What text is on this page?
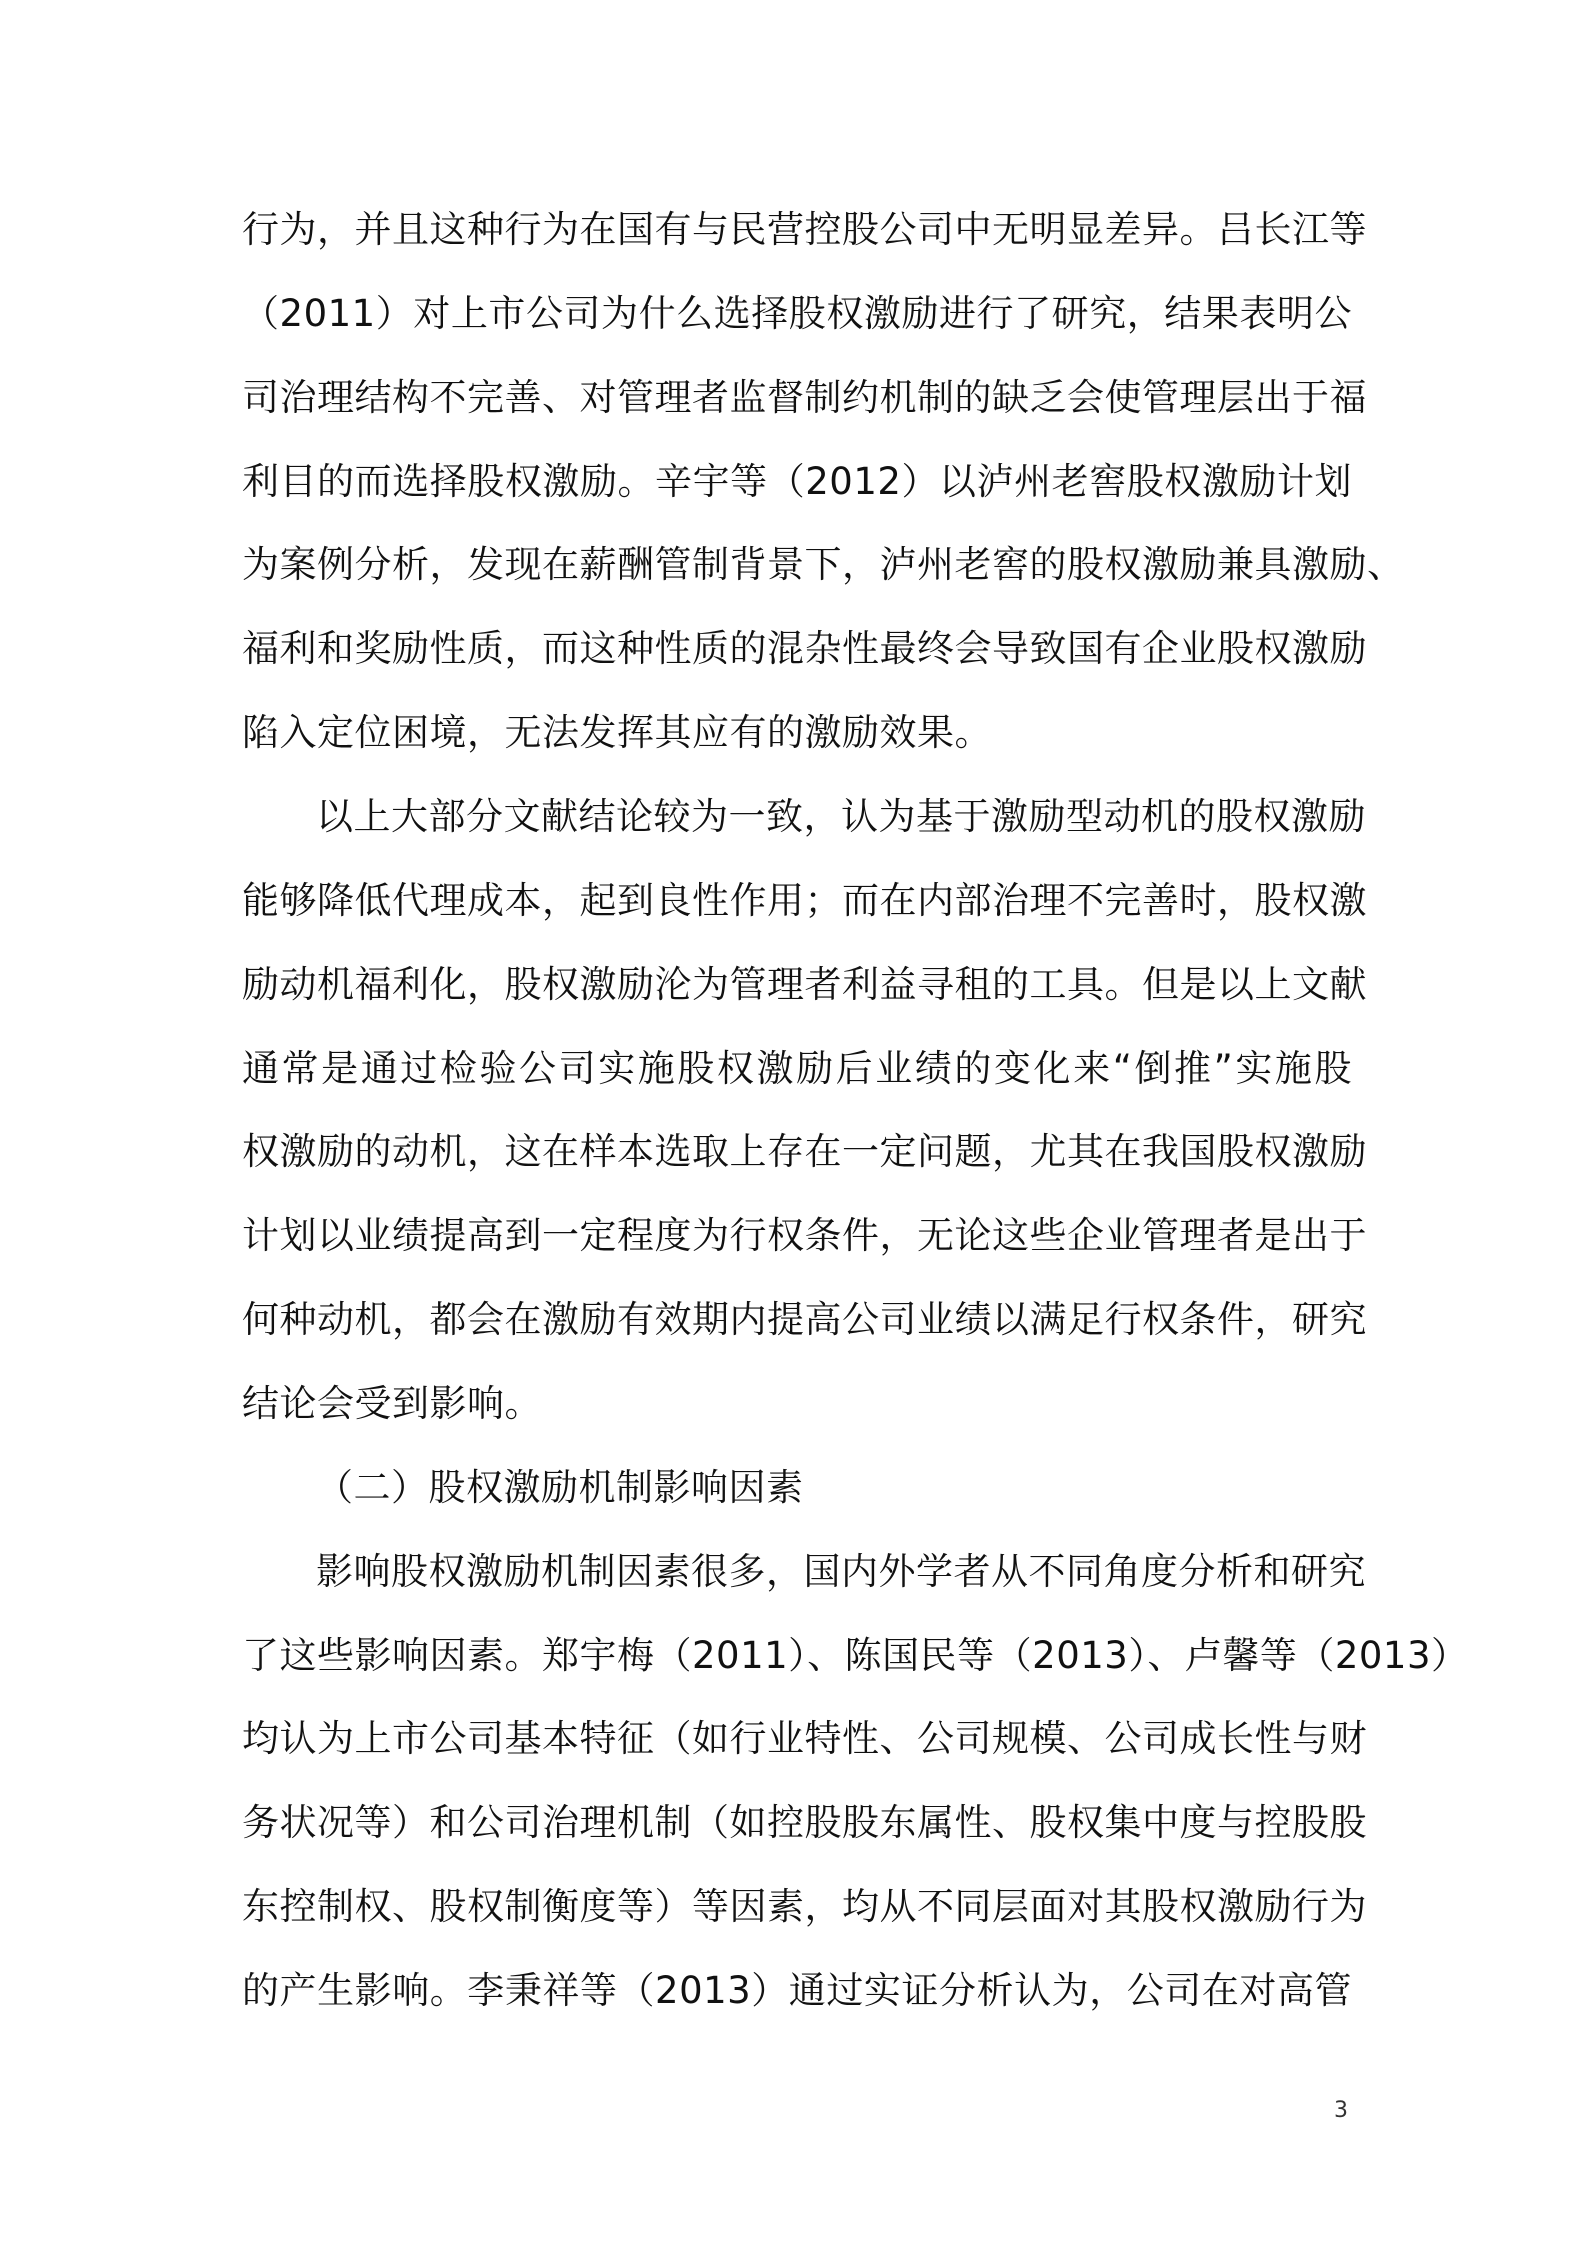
行为，并且这种行为在国有与民营控股公司中无明显差异。吕长江等
（2011）对上市公司为什么选择股权激励进行了研究，结果表明公
司治理结构不完善、对管理者监督制约机制的缺乏会使管理层出于福
利目的而选择股权激励。辛宇等（2012）以泸州老窖股权激励计划
为案例分析，发现在薪酬管制背景下，泸州老窖的股权激励兼具激励、
福利和奖励性质，而这种性质的混杂性最终会导致国有企业股权激励
陷入定位困境，无法发挥其应有的激励效果。
以上大部分文献结论较为一致，认为基于激励型动机的股权激励
能够降低代理成本，起到良性作用；而在内部治理不完善时，股权激
励动机福利化，股权激励沦为管理者利益寻租的工具。但是以上文献
通常是通过检验公司实施股权激励后业绩的变化来“倒推”实施股
权激励的动机，这在样本选取上存在一定问题，尤其在我国股权激励
计划以业绩提高到一定程度为行权条件，无论这些企业管理者是出于
何种动机，都会在激励有效期内提高公司业绩以满足行权条件，研究
结论会受到影响。
（二）股权激励机制影响因素
影响股权激励机制因素很多，国内外学者从不同角度分析和研究
了这些影响因素。郑宇梅（2011）、陈国民等（2013）、卢馨等（2013）
均认为上市公司基本特征（如行业特性、公司规模、公司成长性与财
务状况等）和公司治理机制（如控股股东属性、股权集中度与控股股
东控制权、股权制衡度等）等因素，均从不同层面对其股权激励行为
的产生影响。李秉祥等（2013）通过实证分析认为，公司在对高管
3
